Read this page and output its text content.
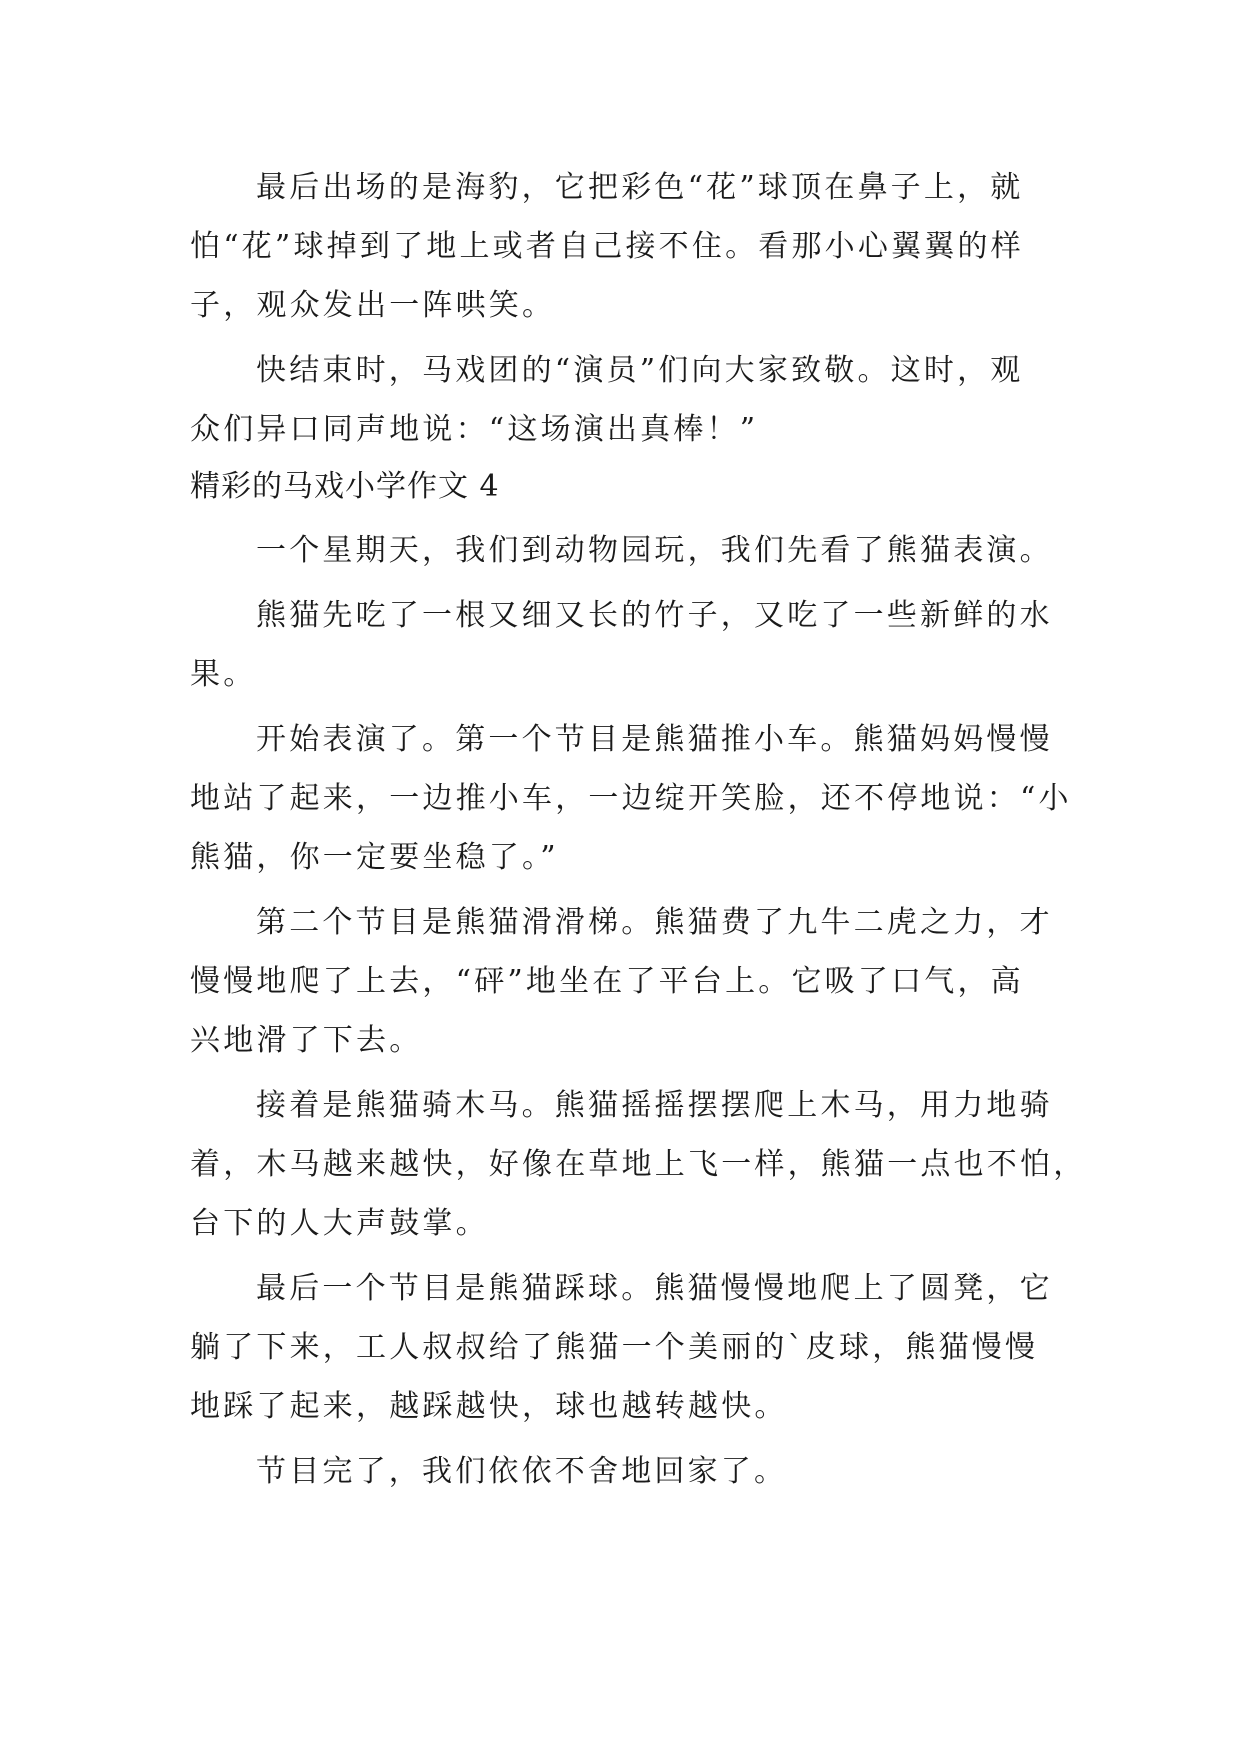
最后出场的是海豹，它把彩色“花”球顶在鼻子上，就
怕“花”球掉到了地上或者自己接不住。看那小心翼翼的样
子，观众发出一阵哄笑。
快结束时，马戏团的“演员”们向大家致敬。这时，观
众们异口同声地说：“这场演出真棒！”
精彩的马戏小学作文 4
一个星期天，我们到动物园玩，我们先看了熊猫表演。
熊猫先吃了一根又细又长的竹子，又吃了一些新鲜的水
果。
开始表演了。第一个节目是熊猫推小车。熊猫妈妈慢慢
地站了起来，一边推小车，一边绽开笑脸，还不停地说：“小
熊猫，你一定要坐稳了。”
第二个节目是熊猫滑滑梯。熊猫费了九牛二虎之力，才
慢慢地爬了上去，“砰”地坐在了平台上。它吸了口气，高
兴地滑了下去。
接着是熊猫骑木马。熊猫摇摇摆摆爬上木马，用力地骑
着，木马越来越快，好像在草地上飞一样，熊猫一点也不怕，
台下的人大声鼓掌。
最后一个节目是熊猫踩球。熊猫慢慢地爬上了圆凳，它
躺了下来，工人叔叔给了熊猫一个美丽的`皮球，熊猫慢慢
地踩了起来，越踩越快，球也越转越快。
节目完了，我们依依不舍地回家了。
